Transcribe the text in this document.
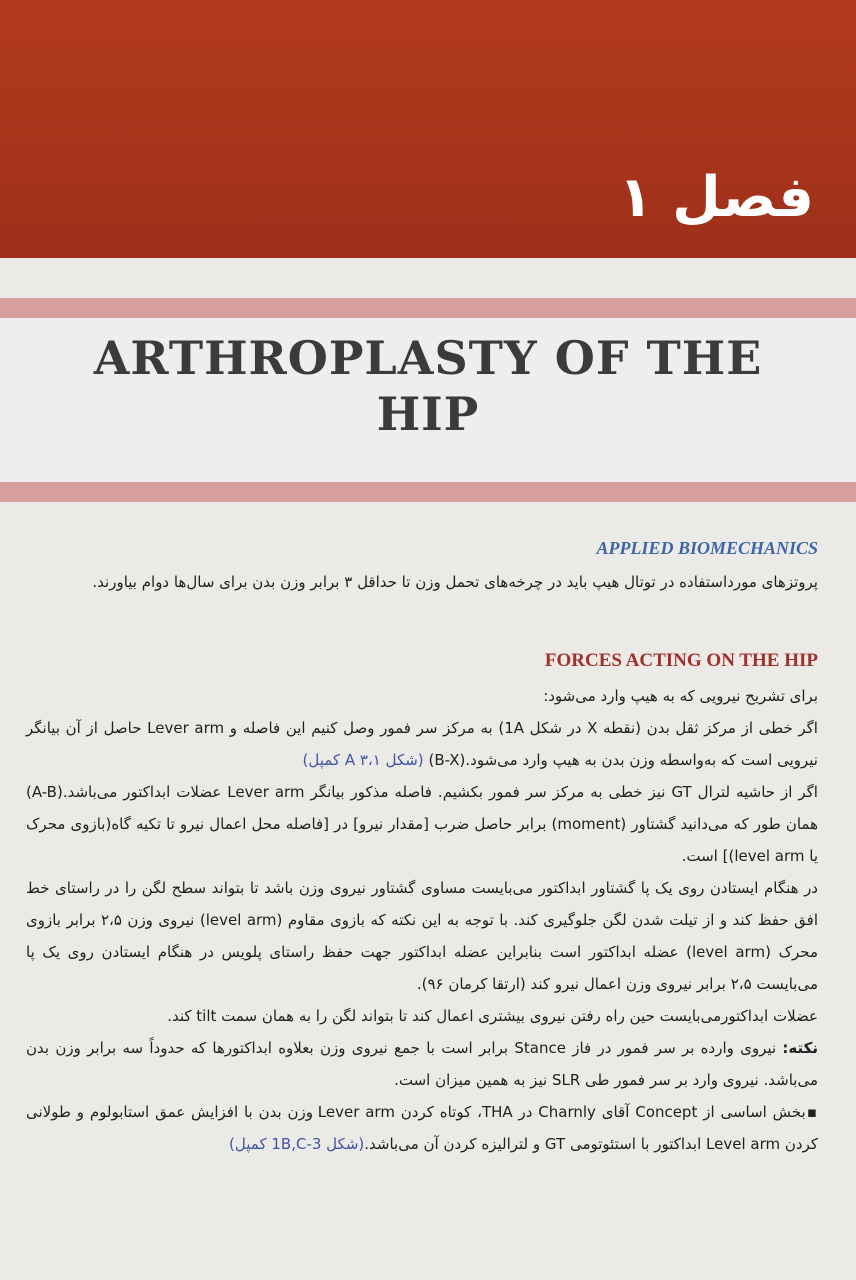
فصل ۱
ARTHROPLASTY OF THE
HIP
APPLIED BIOMECHANICS
پروتزهای مورداستفاده در توتال هیپ باید در چرخه‌های تحمل وزن تا حداقل ۳ برابر وزن بدن برای سال‌ها دوام بیاورند.
FORCES ACTING ON THE HIP
برای تشریح نیرویی که به هیپ وارد می‌شود:
اگر خطی از مرکز ثقل بدن (نقطه X در شکل 1A) به مرکز سر فمور وصل کنیم این فاصله و Lever arm حاصل از آن بیانگر نیرویی است که به‌واسطه وزن بدن به هیپ وارد می‌شود.(B-X) (شکل ۳،۱ A کمپل)
اگر از حاشیه لترال GT نیز خطی به مرکز سر فمور بکشیم. فاصله مذکور بیانگر Lever arm عضلات ابداکتور می‌باشد.(A-B) همان طور که می‌دانید گشتاور (moment) برابر حاصل ضرب [مقدار نیرو] در [فاصله محل اعمال نیرو تا تکیه گاه(بازوی محرک یا level arm)] است.
در هنگام ایستادن روی یک پا گشتاور ابداکتور می‌بایست مساوی گشتاور نیروی وزن باشد تا بتواند سطح لگن را در راستای خط افق حفظ کند و از تیلت شدن لگن جلوگیری کند. با توجه به این نکته که بازوی مقاوم (level arm) نیروی وزن ۲،۵ برابر بازوی محرک (level arm) عضله ابداکتور است بنابراین عضله ابداکتور جهت حفظ راستای پلویس در هنگام ایستادن روی یک پا می‌بایست ۲،۵ برابر نیروی وزن اعمال نیرو کند (ارتقا کرمان ۹۶).
عضلات ابداکتورمی‌بایست حین راه رفتن نیروی بیشتری اعمال کند تا بتواند لگن را به همان سمت tilt کند.
نکته: نیروی وارده بر سر فمور در فاز Stance برابر است با جمع نیروی وزن بعلاوه ابداکتورها که حدوداً سه برابر وزن بدن می‌باشد. نیروی وارد بر سر فمور طی SLR نیز به همین میزان است.
▪بخش اساسی از Concept آقای Charnly در THA، کوتاه کردن Lever arm وزن بدن با افزایش عمق استابولوم و طولانی کردن Level arm ابداکتور با استئوتومی GT و لترالیزه کردن آن می‌باشد.(شکل 3-1B,C کمپل)
